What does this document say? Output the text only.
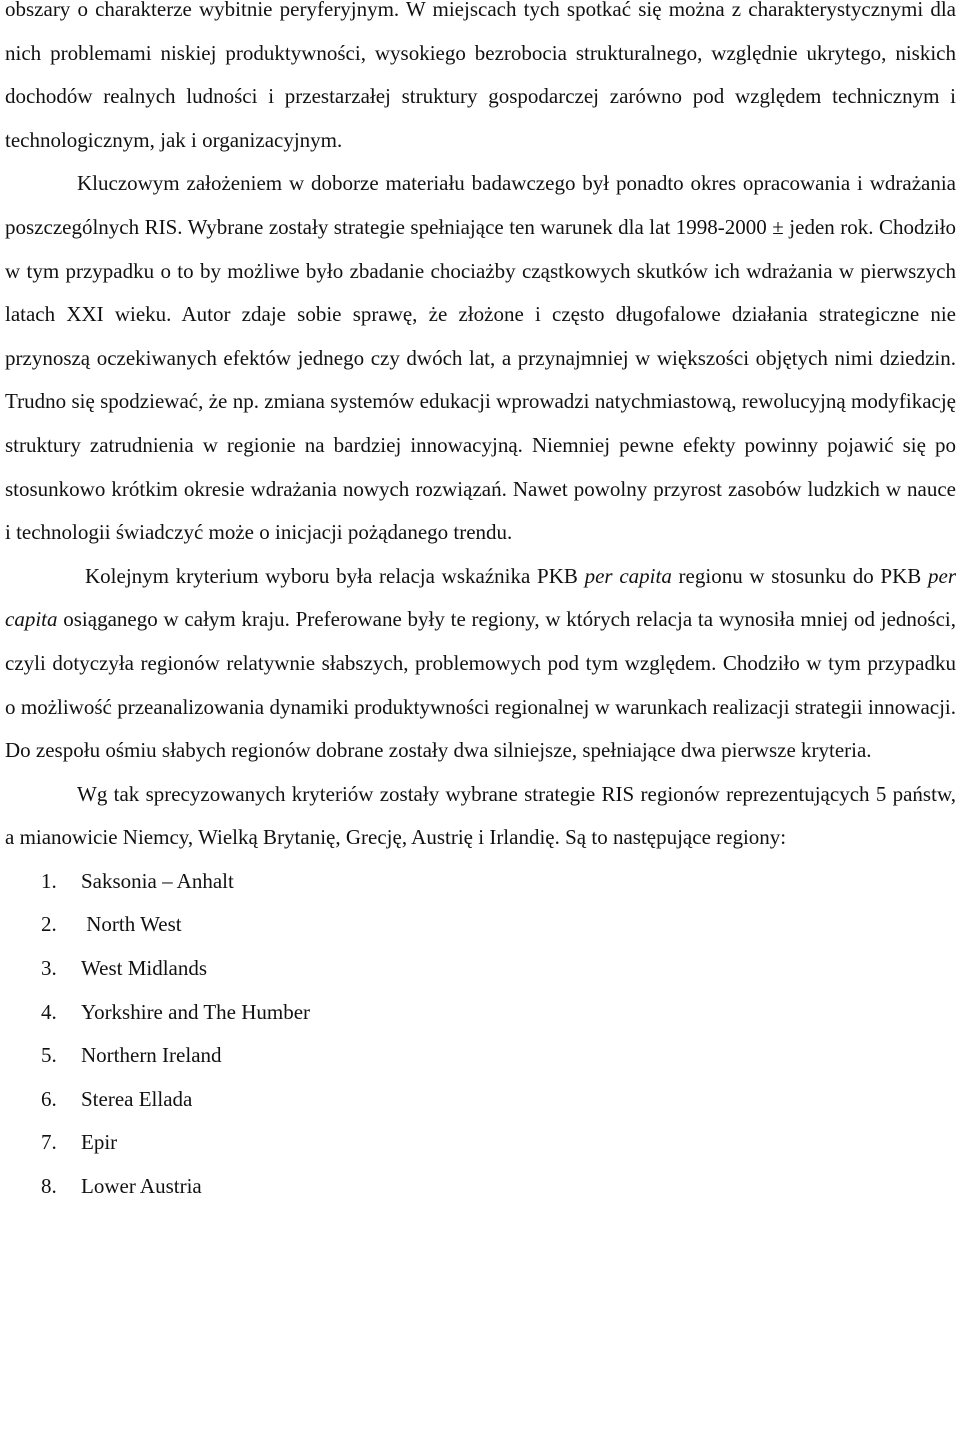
obszary o charakterze wybitnie peryferyjnym. W miejscach tych spotkać się można z charakterystycznymi dla nich problemami niskiej produktywności, wysokiego bezrobocia strukturalnego, względnie ukrytego, niskich dochodów realnych ludności i przestarzałej struktury gospodarczej zarówno pod względem technicznym i technologicznym, jak i organizacyjnym.

Kluczowym założeniem w doborze materiału badawczego był ponadto okres opracowania i wdrażania poszczególnych RIS. Wybrane zostały strategie spełniające ten warunek dla lat 1998-2000 ± jeden rok. Chodziło w tym przypadku o to by możliwe było zbadanie chociażby cząstkowych skutków ich wdrażania w pierwszych latach XXI wieku. Autor zdaje sobie sprawę, że złożone i często długofalowe działania strategiczne nie przynoszą oczekiwanych efektów jednego czy dwóch lat, a przynajmniej w większości objętych nimi dziedzin. Trudno się spodziewać, że np. zmiana systemów edukacji wprowadzi natychmiastową, rewolucyjną modyfikację struktury zatrudnienia w regionie na bardziej innowacyjną. Niemniej pewne efekty powinny pojawić się po stosunkowo krótkim okresie wdrażania nowych rozwiązań. Nawet powolny przyrost zasobów ludzkich w nauce i technologii świadczyć może o inicjacji pożądanego trendu.

Kolejnym kryterium wyboru była relacja wskaźnika PKB per capita regionu w stosunku do PKB per capita osiąganego w całym kraju. Preferowane były te regiony, w których relacja ta wynosiła mniej od jedności, czyli dotyczyła regionów relatywnie słabszych, problemowych pod tym względem. Chodziło w tym przypadku o możliwość przeanalizowania dynamiki produktywności regionalnej w warunkach realizacji strategii innowacji. Do zespołu ośmiu słabych regionów dobrane zostały dwa silniejsze, spełniające dwa pierwsze kryteria.

Wg tak sprecyzowanych kryteriów zostały wybrane strategie RIS regionów reprezentujących 5 państw, a mianowicie Niemcy, Wielką Brytanię, Grecję, Austrię i Irlandię. Są to następujące regiony:

1.	Saksonia – Anhalt
2.	North West
3.	West Midlands
4.	Yorkshire and The Humber
5.	Northern Ireland
6.	Sterea Ellada
7.	Epir
8.	Lower Austria
